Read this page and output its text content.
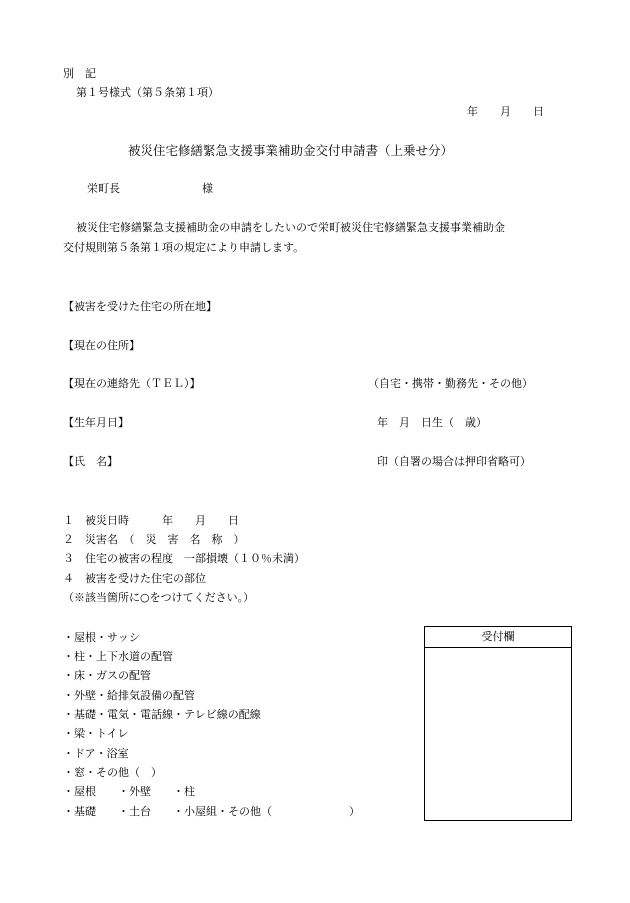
別　記
第１号様式（第５条第１項）
年　　月　　日
被災住宅修繕緊急支援事業補助金交付申請書（上乗せ分）
栄町長	様
被災住宅修繕緊急支援補助金の申請をしたいので栄町被災住宅修繕緊急支援事業補助金
交付規則第５条第１項の規定により申請します。
【被害を受けた住宅の所在地】
【現在の住所】
【現在の連絡先（ＴＥＬ）】	（自宅・携帯・勤務先・その他）
【生年月日】	年　月　日生（　歳）
【氏　名】	印（自署の場合は押印省略可）
１　被災日時　　　年　　月　　日
２　災害名　（　災　害　名　称　）
３　住宅の被害の程度　一部損壊（１０％未満）
４　被害を受けた住宅の部位
（※該当箇所に○をつけてください。）
・屋根・サッシ
・柱・上下水道の配管
・床・ガスの配管
・外壁・給排気設備の配管
・基礎・電気・電話線・テレビ線の配線
・梁・トイレ
・ドア・浴室
・窓・その他（　）
・屋根　　・外壁　　・柱
・基礎　　・土台　　・小屋組・その他（　　　　　　　）
受付欄
